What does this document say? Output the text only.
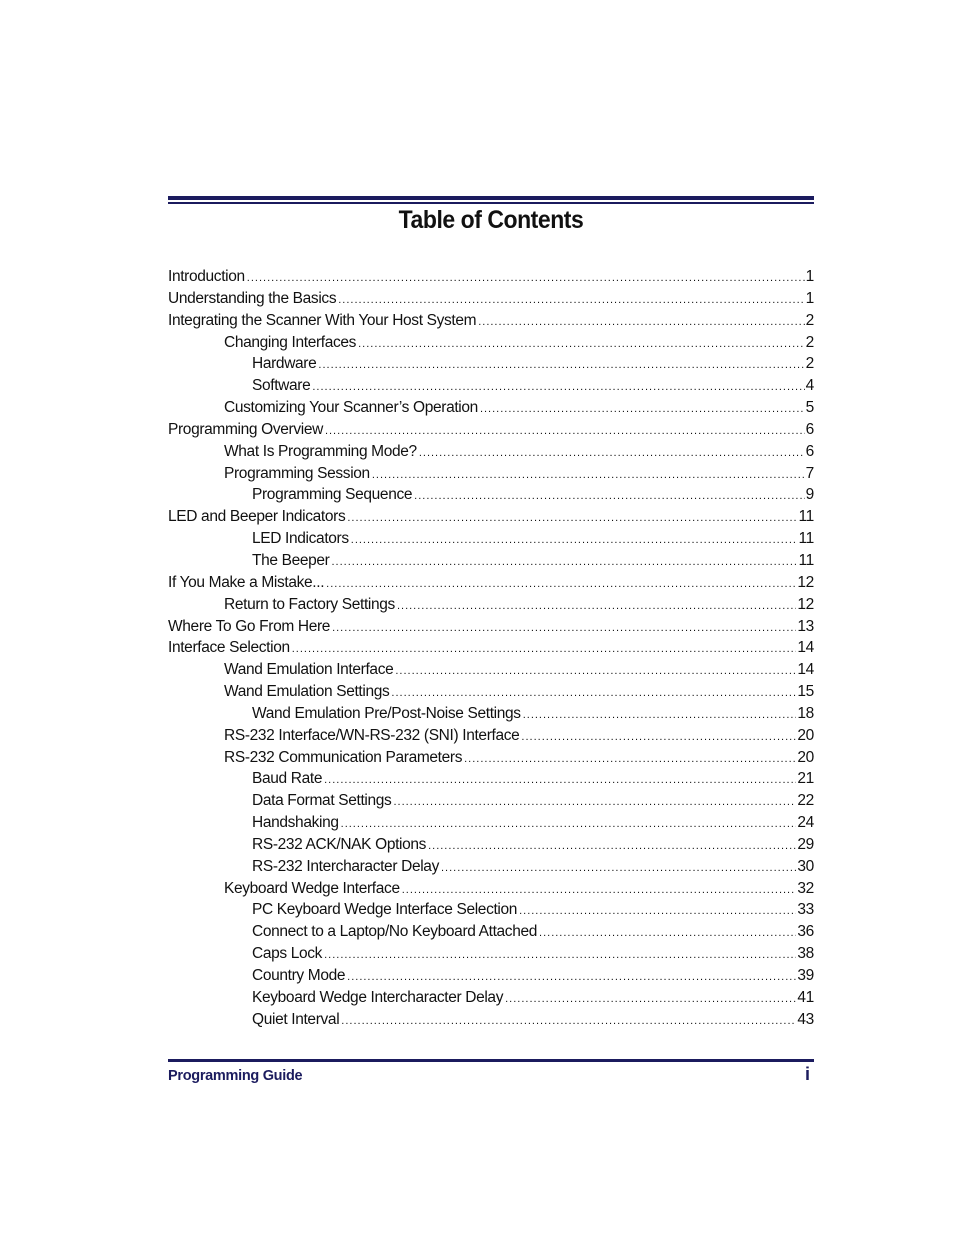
Table of Contents
Introduction .....	1
Understanding the Basics .....	1
Integrating the Scanner With Your Host System .....	2
Changing Interfaces .....	2
Hardware .....	2
Software .....	4
Customizing Your Scanner’s Operation .....	5
Programming Overview .....	6
What Is Programming Mode? .....	6
Programming Session .....	7
Programming Sequence .....	9
LED and Beeper Indicators .....	11
LED Indicators .....	11
The Beeper .....	11
If You Make a Mistake... .....	12
Return to Factory Settings .....	12
Where To Go From Here .....	13
Interface Selection .....	14
Wand Emulation Interface .....	14
Wand Emulation Settings .....	15
Wand Emulation Pre/Post-Noise Settings .....	18
RS-232 Interface/WN-RS-232 (SNI) Interface .....	20
RS-232 Communication Parameters .....	20
Baud Rate .....	21
Data Format Settings .....	22
Handshaking .....	24
RS-232 ACK/NAK Options .....	29
RS-232 Intercharacter Delay .....	30
Keyboard Wedge Interface .....	32
PC Keyboard Wedge Interface Selection .....	33
Connect to a Laptop/No Keyboard Attached .....	36
Caps Lock .....	38
Country Mode .....	39
Keyboard Wedge Intercharacter Delay .....	41
Quiet Interval .....	43
Programming Guide	i
